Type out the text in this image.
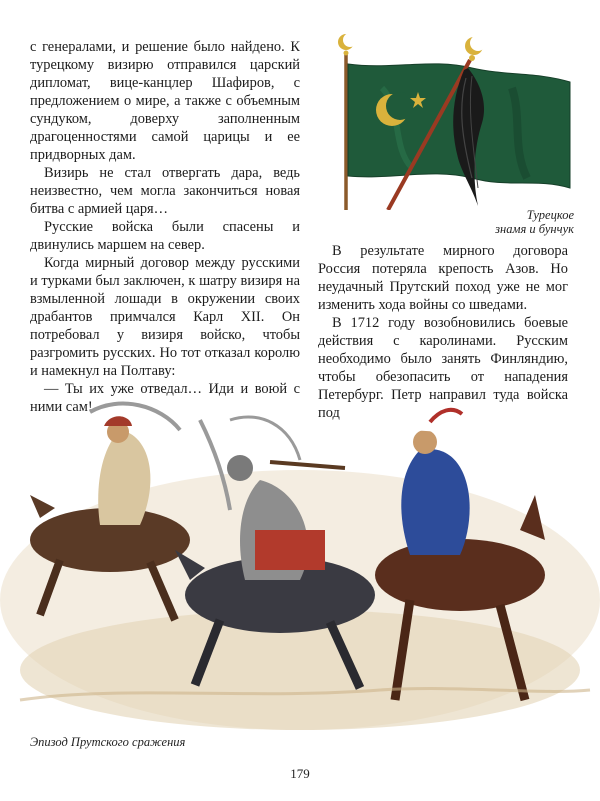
с генералами, и решение было найдено. К турецкому визирю отправился царский дипломат, вице-канцлер Шафиров, с предложением о мире, а также с объемным сундуком, доверху заполненным драгоценностями самой царицы и ее придворных дам.

Визирь не стал отвергать дара, ведь неизвестно, чем могла закончиться новая битва с армией царя…

Русские войска были спасены и двинулись маршем на север.

Когда мирный договор между русскими и турками был заключен, к шатру визиря на взмыленной лошади в окружении своих драбантов примчался Карл XII. Он потребовал у визиря войско, чтобы разгромить русских. Но тот отказал королю и намекнул на Полтаву:

— Ты их уже отведал… Иди и воюй с ними сам!

Турецкое
знамя и бунчук

В результате мирного договора Россия потеряла крепость Азов. Но неудачный Прутский поход уже не мог изменить хода войны со шведами.

В 1712 году возобновились боевые действия с каролинами. Русским необходимо было занять Финляндию, чтобы обезопасить от нападения Петербург. Петр направил туда войска под

Эпизод Прутского сражения
179
